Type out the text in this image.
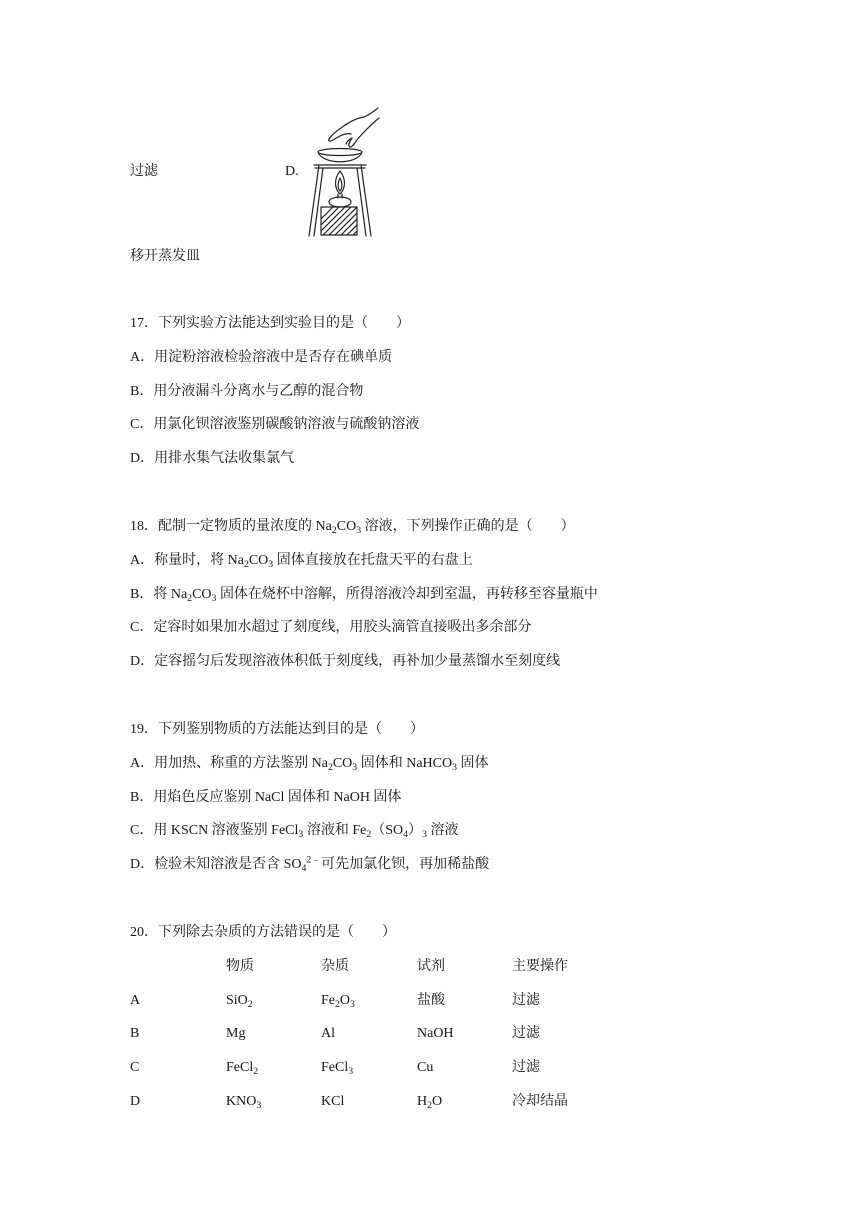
过滤	D.
移开蒸发皿
17．下列实验方法能达到实验目的是（　　）
A．用淀粉溶液检验溶液中是否存在碘单质
B．用分液漏斗分离水与乙醇的混合物
C．用氯化钡溶液鉴别碳酸钠溶液与硫酸钠溶液
D．用排水集气法收集氯气
18．配制一定物质的量浓度的 $Na_2CO_3$ 溶液，下列操作正确的是（　　）
A．称量时，将 $Na_2CO_3$ 固体直接放在托盘天平的右盘上
B．将 $Na_2CO_3$ 固体在烧杯中溶解，所得溶液冷却到室温，再转移至容量瓶中
C．定容时如果加水超过了刻度线，用胶头滴管直接吸出多余部分
D．定容摇匀后发现溶液体积低于刻度线，再补加少量蒸馏水至刻度线
19．下列鉴别物质的方法能达到目的是（　　）
A．用加热、称重的方法鉴别 $Na_2CO_3$ 固体和 NaHCO$_3$ 固体
B．用焰色反应鉴别 NaCl 固体和 NaOH 固体
C．用 KSCN 溶液鉴别 FeCl$_3$ 溶液和 $Fe_2(SO_4)_3$ 溶液
D．检验未知溶液是否含 $SO_4^{2﹣}$可先加氯化钡，再加稀盐酸
20．下列除去杂质的方法错误的是（　　）
	物质	杂质	试剂	主要操作
A	SiO$_2$	$Fe_2O_3$	盐酸	过滤
B	Mg	Al	NaOH	过滤
C	FeCl$_2$	FeCl$_3$	Cu	过滤
D	$KNO_3$	KCl	$H_2O$	冷却结晶
